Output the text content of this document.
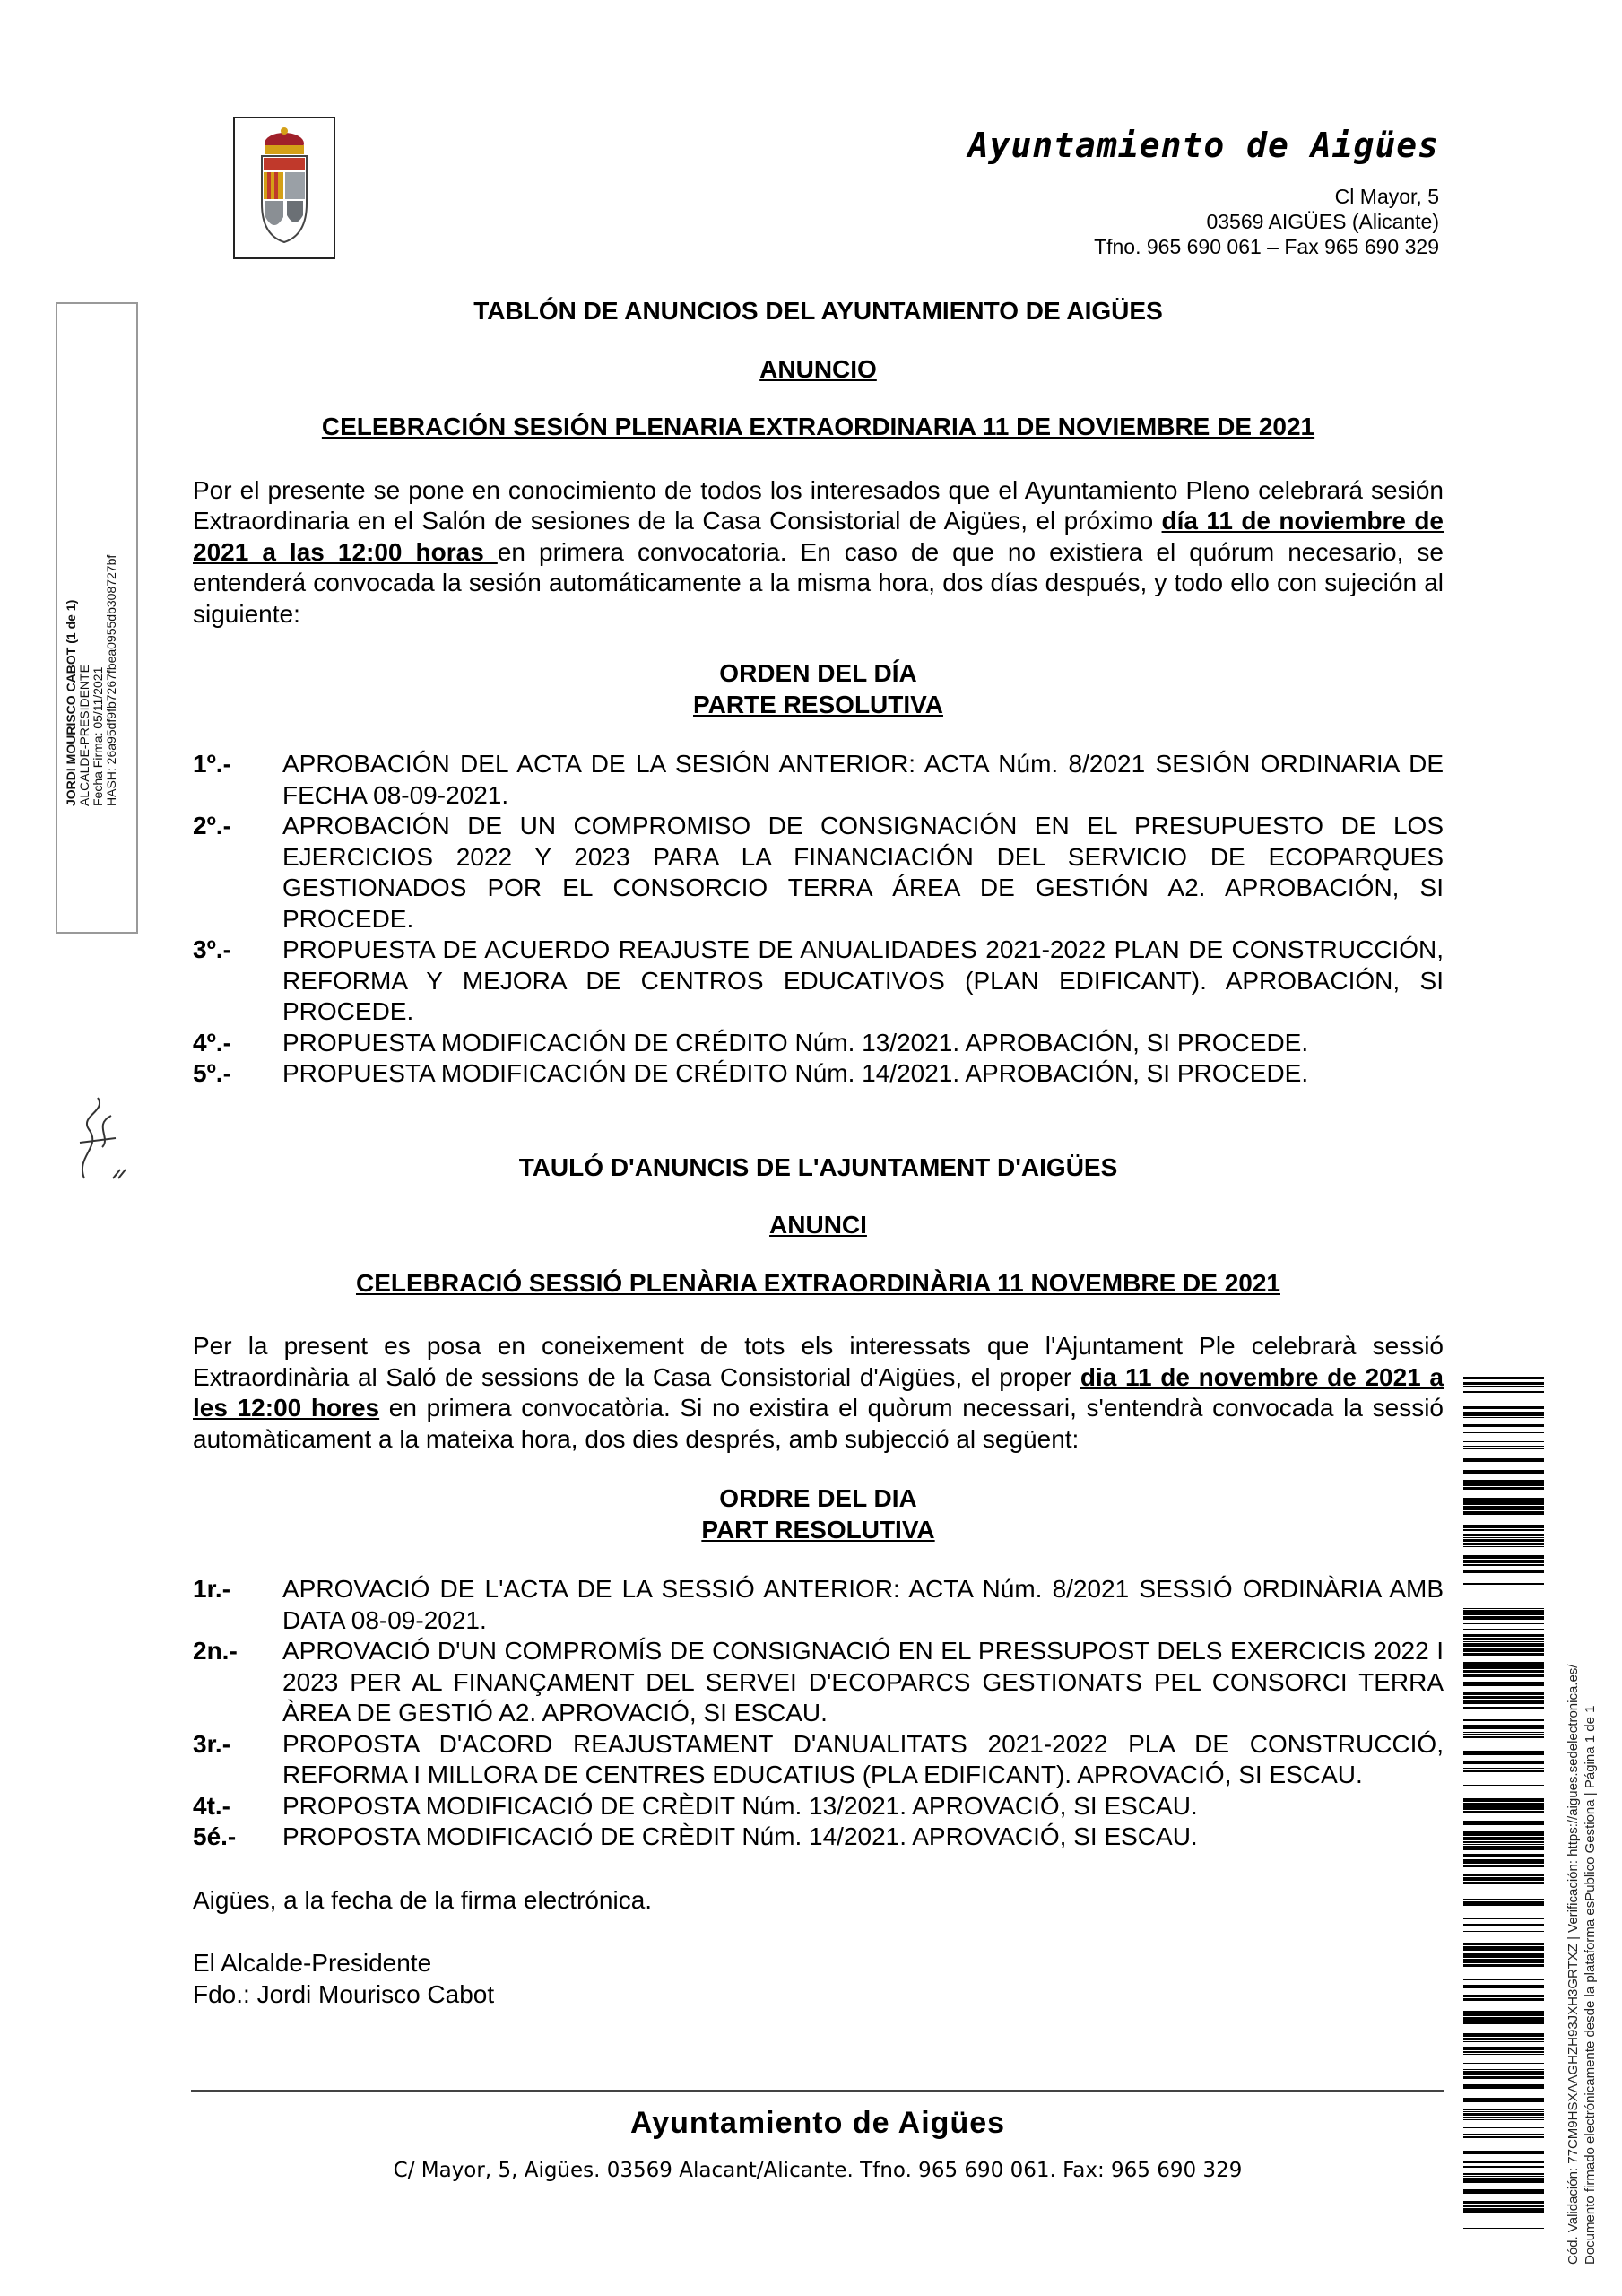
Ayuntamiento de Aigües
Cl Mayor, 5
03569 AIGÜES (Alicante)
Tfno. 965 690 061 – Fax 965 690 329
JORDI MOURISCO CABOT (1 de 1) ALCALDE-PRESIDENTE Fecha Firma: 05/11/2021 HASH: 26a95df9fb7267fbea0955db308727bf
TABLÓN DE ANUNCIOS DEL AYUNTAMIENTO DE AIGÜES
ANUNCIO
CELEBRACIÓN SESIÓN PLENARIA EXTRAORDINARIA 11 DE NOVIEMBRE DE 2021
Por el presente se pone en conocimiento de todos los interesados que el Ayuntamiento Pleno celebrará sesión Extraordinaria en el Salón de sesiones de la Casa Consistorial de Aigües, el próximo día 11 de noviembre de 2021 a las 12:00 horas en primera convocatoria. En caso de que no existiera el quórum necesario, se entenderá convocada la sesión automáticamente a la misma hora, dos días después, y todo ello con sujeción al siguiente:
ORDEN DEL DÍA
PARTE RESOLUTIVA
1º.-	APROBACIÓN DEL ACTA DE LA SESIÓN ANTERIOR: ACTA Núm. 8/2021 SESIÓN ORDINARIA DE FECHA 08-09-2021.
2º.-	APROBACIÓN DE UN COMPROMISO DE CONSIGNACIÓN EN EL PRESUPUESTO DE LOS EJERCICIOS 2022 Y 2023 PARA LA FINANCIACIÓN DEL SERVICIO DE ECOPARQUES GESTIONADOS POR EL CONSORCIO TERRA ÁREA DE GESTIÓN A2. APROBACIÓN, SI PROCEDE.
3º.-	PROPUESTA DE ACUERDO REAJUSTE DE ANUALIDADES 2021-2022 PLAN DE CONSTRUCCIÓN, REFORMA Y MEJORA DE CENTROS EDUCATIVOS (PLAN EDIFICANT). APROBACIÓN, SI PROCEDE.
4º.-	PROPUESTA MODIFICACIÓN DE CRÉDITO Núm. 13/2021. APROBACIÓN, SI PROCEDE.
5º.-	PROPUESTA MODIFICACIÓN DE CRÉDITO Núm. 14/2021. APROBACIÓN, SI PROCEDE.
TAULÓ D'ANUNCIS DE L'AJUNTAMENT D'AIGÜES
ANUNCI
CELEBRACIÓ SESSIÓ PLENÀRIA EXTRAORDINÀRIA 11 NOVEMBRE DE 2021
Per la present es posa en coneixement de tots els interessats que l'Ajuntament Ple celebrarà sessió Extraordinària al Saló de sessions de la Casa Consistorial d'Aigües, el proper dia 11 de novembre de 2021 a les 12:00 hores en primera convocatòria. Si no existira el quòrum necessari, s'entendrà convocada la sessió automàticament a la mateixa hora, dos dies després, amb subjecció al següent:
ORDRE DEL DIA
PART RESOLUTIVA
1r.-	APROVACIÓ DE L'ACTA DE LA SESSIÓ ANTERIOR: ACTA Núm. 8/2021 SESSIÓ ORDINÀRIA AMB DATA 08-09-2021.
2n.-	APROVACIÓ D'UN COMPROMÍS DE CONSIGNACIÓ EN EL PRESSUPOST DELS EXERCICIS 2022 I 2023 PER AL FINANÇAMENT DEL SERVEI D'ECOPARCS GESTIONATS PEL CONSORCI TERRA ÀREA DE GESTIÓ A2. APROVACIÓ, SI ESCAU.
3r.-	PROPOSTA D'ACORD REAJUSTAMENT D'ANUALITATS 2021-2022 PLA DE CONSTRUCCIÓ, REFORMA I MILLORA DE CENTRES EDUCATIUS (PLA EDIFICANT). APROVACIÓ, SI ESCAU.
4t.-	PROPOSTA MODIFICACIÓ DE CRÈDIT Núm. 13/2021. APROVACIÓ, SI ESCAU.
5é.-	PROPOSTA MODIFICACIÓ DE CRÈDIT Núm. 14/2021. APROVACIÓ, SI ESCAU.
Aigües, a la fecha de la firma electrónica.
El Alcalde-Presidente
Fdo.: Jordi Mourisco Cabot
Ayuntamiento de Aigües
C/ Mayor, 5, Aigües. 03569 Alacant/Alicante. Tfno. 965 690 061. Fax: 965 690 329	Cód. Validación: 77CM9HSXAAGHZH93JXH3GRTXZ | Verificación: https://aigues.sedelectronica.es/ Documento firmado electrónicamente desde la plataforma esPublico Gestiona | Página 1 de 1
